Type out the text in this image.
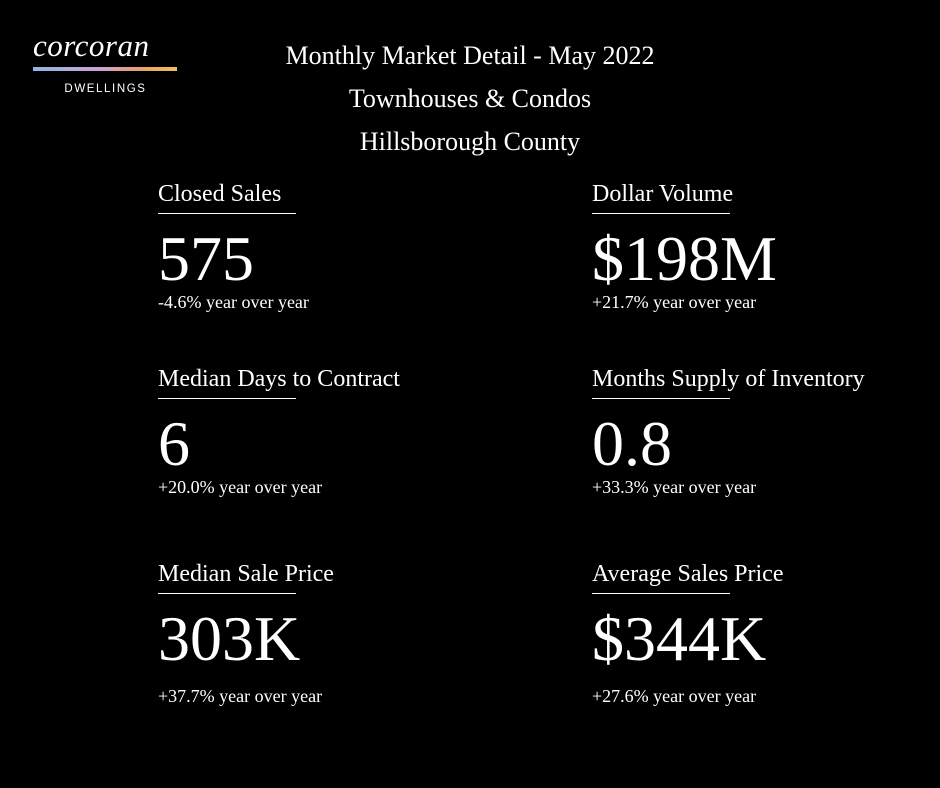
corcoran
DWELLINGS
Monthly Market Detail - May 2022
Townhouses & Condos
Hillsborough County
Closed Sales
575
-4.6% year over year
Dollar Volume
$198M
+21.7% year over year
Median Days to Contract
6
+20.0% year over year
Months Supply of Inventory
0.8
+33.3% year over year
Median Sale Price
303K
+37.7% year over year
Average Sales Price
$344K
+27.6% year over year
